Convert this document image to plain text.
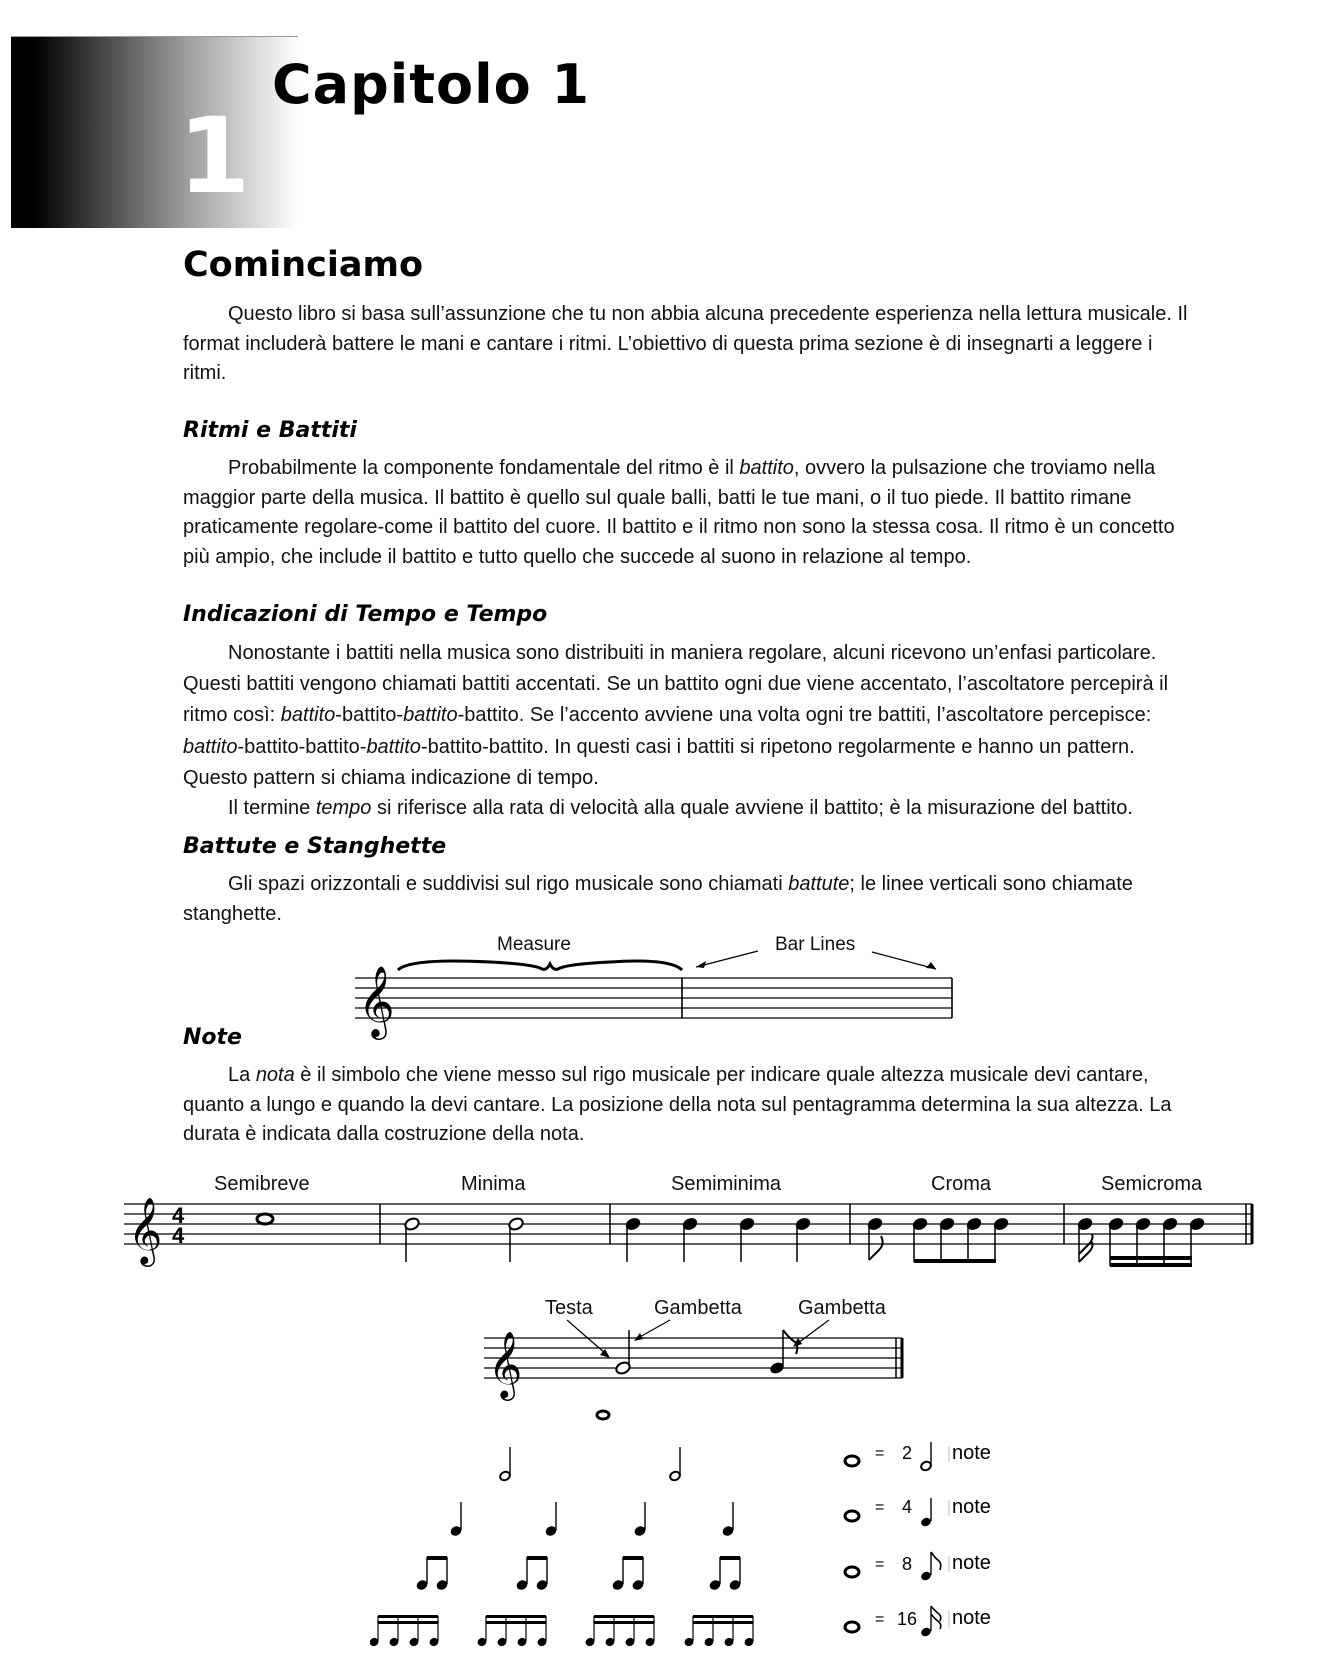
1
Capitolo 1
Cominciamo

Questo libro si basa sull’assunzione che tu non abbia alcuna precedente esperienza nella lettura musicale. Il format includerà battere le mani e cantare i ritmi. L’obiettivo di questa prima sezione è di insegnarti a leggere i ritmi.

Ritmi e Battiti

Probabilmente la componente fondamentale del ritmo è il battito, ovvero la pulsazione che troviamo nella maggior parte della musica. Il battito è quello sul quale balli, batti le tue mani, o il tuo piede. Il battito rimane praticamente regolare-come il battito del cuore. Il battito e il ritmo non sono la stessa cosa. Il ritmo è un concetto più ampio, che include il battito e tutto quello che succede al suono in relazione al tempo.

Indicazioni di Tempo e Tempo

Nonostante i battiti nella musica sono distribuiti in maniera regolare, alcuni ricevono un’enfasi particolare. Questi battiti vengono chiamati battiti accentati. Se un battito ogni due viene accentato, l’ascoltatore percepirà il ritmo così: battito-battito-battito-battito. Se l’accento avviene una volta ogni tre battiti, l’ascoltatore percepisce: battito-battito-battito-battito-battito-battito. In questi casi i battiti si ripetono regolarmente e hanno un pattern. Questo pattern si chiama indicazione di tempo.

Il termine tempo si riferisce alla rata di velocità alla quale avviene il battito; è la misurazione del battito.

Battute e Stanghette

Gli spazi orizzontali e suddivisi sul rigo musicale sono chiamati battute; le linee verticali sono chiamate stanghette.

Measure	Bar Lines
𝄞
Note

La nota è il simbolo che viene messo sul rigo musicale per indicare quale altezza musicale devi cantare, quanto a lungo e quando la devi cantare. La posizione della nota sul pentagramma determina la sua altezza. La durata è indicata dalla costruzione della nota.

Semibreve	Minima	Semiminima	Croma	Semicroma
𝄞 4
4
Testa	Gambetta	Gambetta
𝄞
= 2 note
= 4 note
= 8 note
= 16 note
